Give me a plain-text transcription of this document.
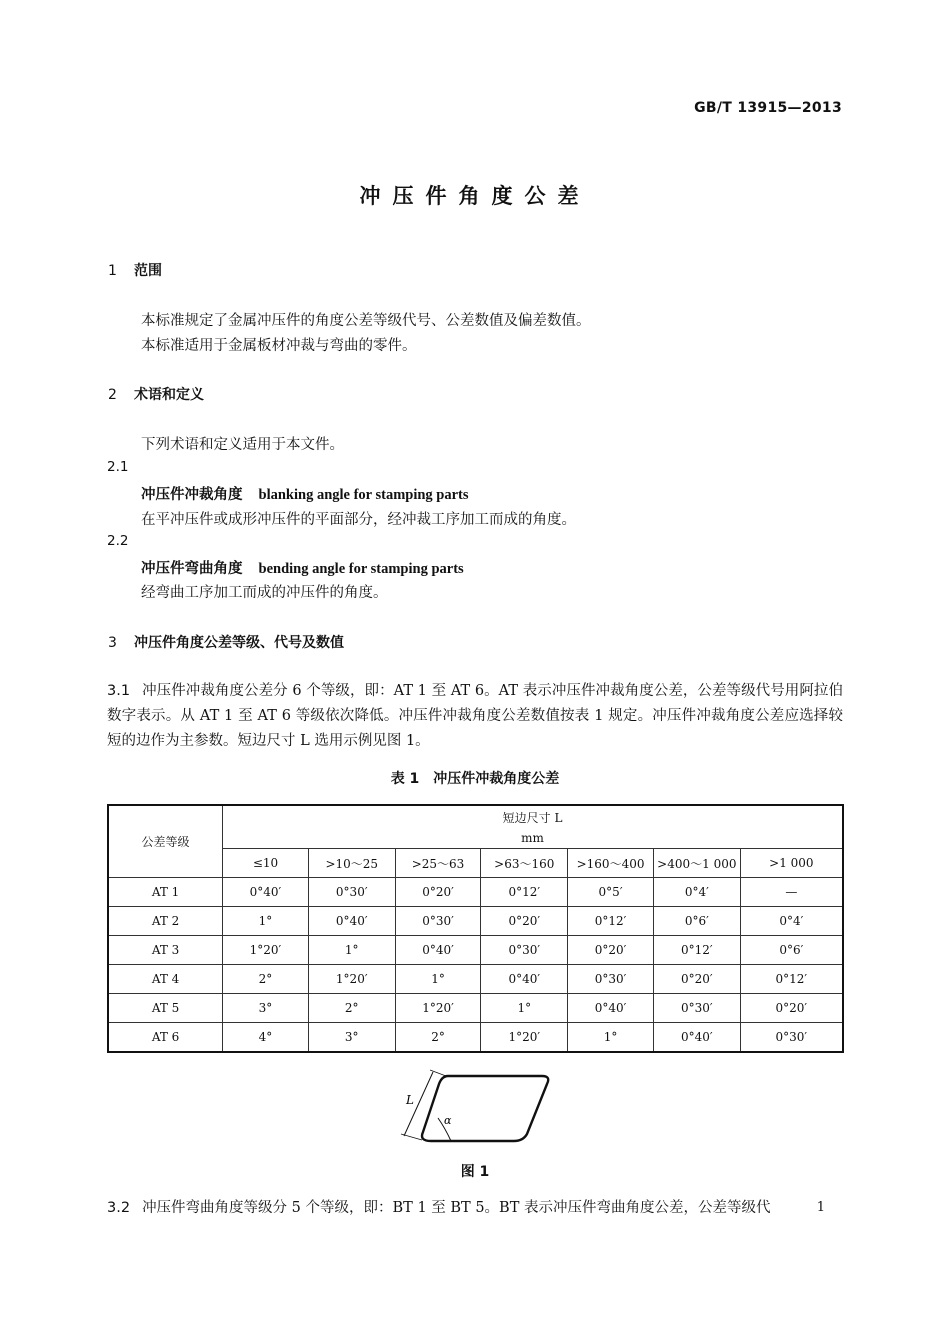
GB/T 13915—2013
冲压件角度公差
1 范围
本标准规定了金属冲压件的角度公差等级代号、公差数值及偏差数值。
本标准适用于金属板材冲裁与弯曲的零件。
2 术语和定义
下列术语和定义适用于本文件。
2.1
冲压件冲裁角度 blanking angle for stamping parts
在平冲压件或成形冲压件的平面部分，经冲裁工序加工而成的角度。
2.2
冲压件弯曲角度 bending angle for stamping parts
经弯曲工序加工而成的冲压件的角度。
3 冲压件角度公差等级、代号及数值
3.1 冲压件冲裁角度公差分 6 个等级，即：AT 1 至 AT 6。AT 表示冲压件冲裁角度公差，公差等级代号用阿拉伯数字表示。从 AT 1 至 AT 6 等级依次降低。冲压件冲裁角度公差数值按表 1 规定。冲压件冲裁角度公差应选择较短的边作为主参数。短边尺寸 L 选用示例见图 1。
表 1　冲压件冲裁角度公差
公差等级	短边尺寸 L						
	mm						
	≤10	>10～25	>25～63	>63～160	>160～400	>400～1 000	>1 000
AT 1	0°40′	0°30′	0°20′	0°12′	0°5′	0°4′	—
AT 2	1°	0°40′	0°30′	0°20′	0°12′	0°6′	0°4′
AT 3	1°20′	1°	0°40′	0°30′	0°20′	0°12′	0°6′
AT 4	2°	1°20′	1°	0°40′	0°30′	0°20′	0°12′
AT 5	3°	2°	1°20′	1°	0°40′	0°30′	0°20′
AT 6	4°	3°	2°	1°20′	1°	0°40′	0°30′
L
α
图 1
3.2 冲压件弯曲角度等级分 5 个等级，即：BT 1 至 BT 5。BT 表示冲压件弯曲角度公差，公差等级代	1
